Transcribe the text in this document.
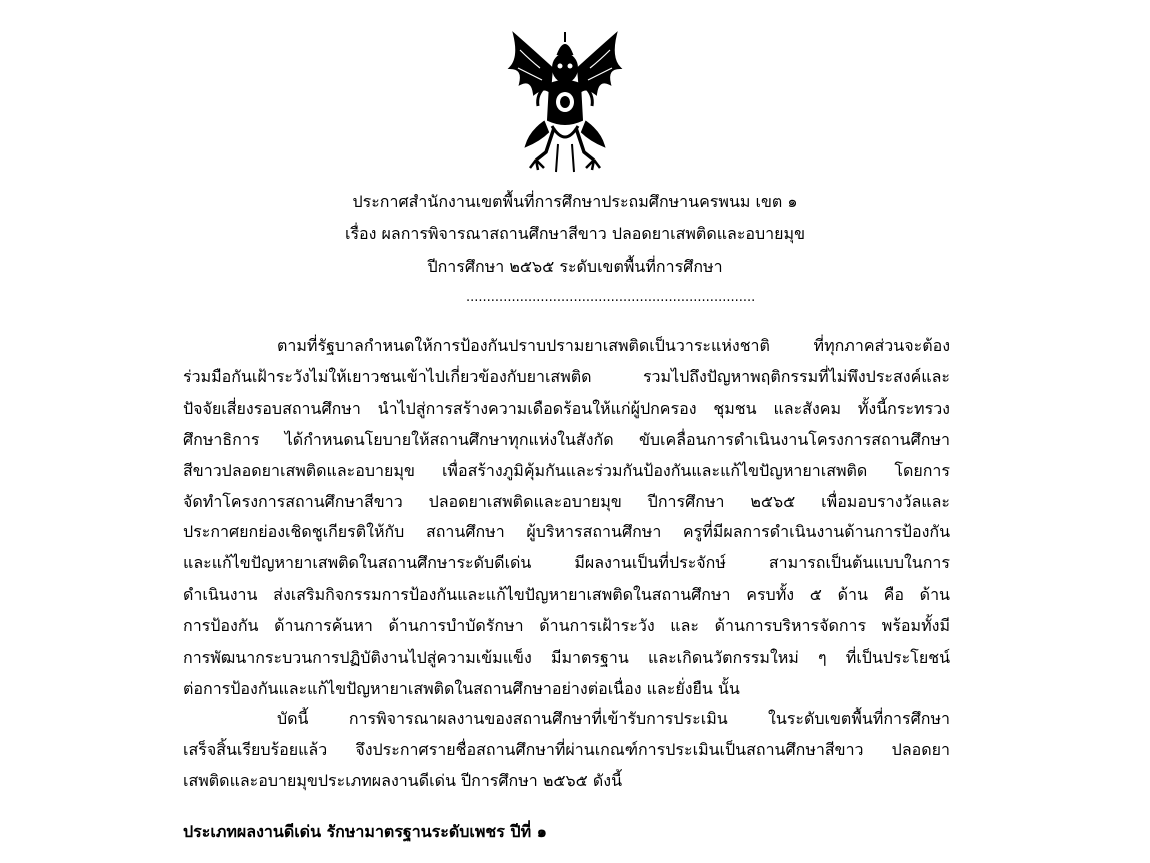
ประกาศสำนักงานเขตพื้นที่การศึกษาประถมศึกษานครพนม เขต ๑
เรื่อง ผลการพิจารณาสถานศึกษาสีขาว ปลอดยาเสพติดและอบายมุข
ปีการศึกษา ๒๕๖๕ ระดับเขตพื้นที่การศึกษา
......................................................................
ตามที่รัฐบาลกำหนดให้การป้องกันปราบปรามยาเสพติดเป็นวาระแห่งชาติ ที่ทุกภาคส่วนจะต้อง
ร่วมมือกันเฝ้าระวังไม่ให้เยาวชนเข้าไปเกี่ยวข้องกับยาเสพติด รวมไปถึงปัญหาพฤติกรรมที่ไม่พึงประสงค์และ
ปัจจัยเสี่ยงรอบสถานศึกษา นำไปสู่การสร้างความเดือดร้อนให้แก่ผู้ปกครอง ชุมชน และสังคม ทั้งนี้กระทรวง
ศึกษาธิการ ได้กำหนดนโยบายให้สถานศึกษาทุกแห่งในสังกัด ขับเคลื่อนการดำเนินงานโครงการสถานศึกษา
สีขาวปลอดยาเสพติดและอบายมุข เพื่อสร้างภูมิคุ้มกันและร่วมกันป้องกันและแก้ไขปัญหายาเสพติด โดยการ
จัดทำโครงการสถานศึกษาสีขาว ปลอดยาเสพติดและอบายมุข ปีการศึกษา ๒๕๖๕ เพื่อมอบรางวัลและ
ประกาศยกย่องเชิดชูเกียรติให้กับ สถานศึกษา ผู้บริหารสถานศึกษา ครูที่มีผลการดำเนินงานด้านการป้องกัน
และแก้ไขปัญหายาเสพติดในสถานศึกษาระดับดีเด่น มีผลงานเป็นที่ประจักษ์ สามารถเป็นต้นแบบในการ
ดำเนินงาน ส่งเสริมกิจกรรมการป้องกันและแก้ไขปัญหายาเสพติดในสถานศึกษา ครบทั้ง ๕ ด้าน คือ ด้าน
การป้องกัน ด้านการค้นหา ด้านการบำบัดรักษา ด้านการเฝ้าระวัง และ ด้านการบริหารจัดการ พร้อมทั้งมี
การพัฒนากระบวนการปฏิบัติงานไปสู่ความเข้มแข็ง มีมาตรฐาน และเกิดนวัตกรรมใหม่ ๆ ที่เป็นประโยชน์
ต่อการป้องกันและแก้ไขปัญหายาเสพติดในสถานศึกษาอย่างต่อเนื่อง และยั่งยืน นั้น
บัดนี้ การพิจารณาผลงานของสถานศึกษาที่เข้ารับการประเมิน ในระดับเขตพื้นที่การศึกษา
เสร็จสิ้นเรียบร้อยแล้ว จึงประกาศรายชื่อสถานศึกษาที่ผ่านเกณฑ์การประเมินเป็นสถานศึกษาสีขาว ปลอดยา
เสพติดและอบายมุขประเภทผลงานดีเด่น ปีการศึกษา ๒๕๖๕ ดังนี้
ประเภทผลงานดีเด่น รักษามาตรฐานระดับเพชร ปีที่ ๑
